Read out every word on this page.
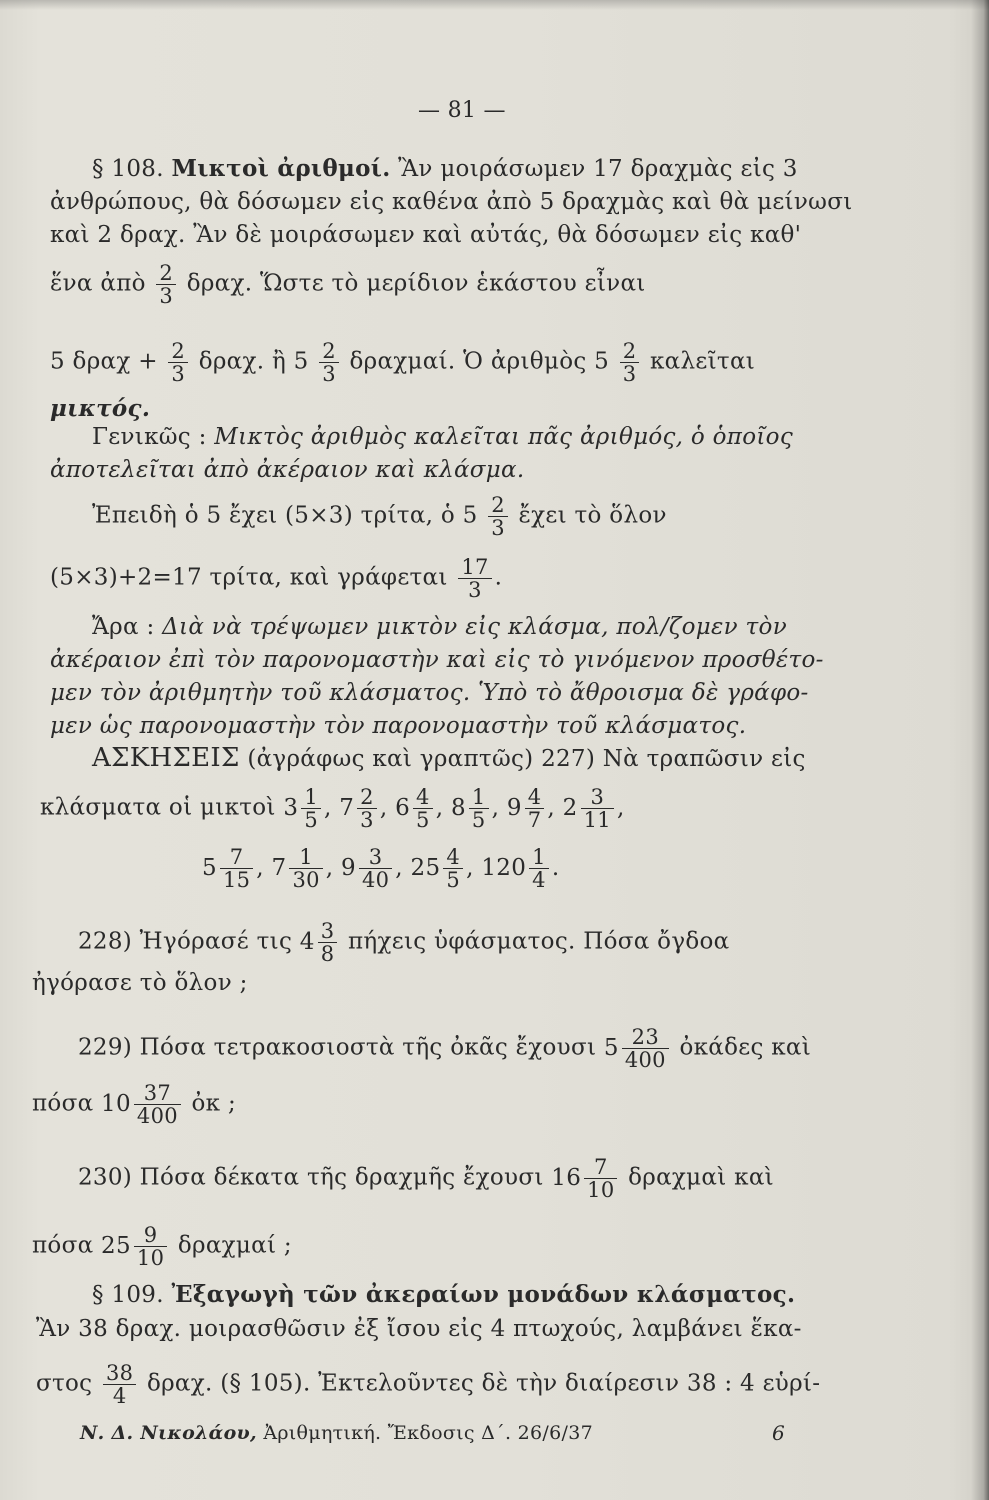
— 81 —
§ 108. Μικτοὶ ἀριθμοί. Ἂν μοιράσωμεν 17 δραχμὰς εἰς 3
ἀνθρώπους, θὰ δόσωμεν εἰς καθένα ἀπὸ 5 δραχμὰς καὶ θὰ μείνωσι
καὶ 2 δραχ. Ἂν δὲ μοιράσωμεν καὶ αὐτάς, θὰ δόσωμεν εἰς καθ'
ἕνα ἀπὸ $\frac{2}{3} \delta\rho\alpha\chi$. Ὥστε τὸ μερίδιον ἑκάστου εἶναι
5 $\delta\rho\alpha\chi + \frac{2}{3} \delta\rho\alpha\chi$. ἢ $5 \frac{2}{3} \delta\rho\alpha\chi\mu\alpha ί$. Ὁ ἀριθμὸς $5 \frac{2}{3}$ καλεῖται
μικτός.
Γενικῶς : Μικτὸς ἀριθμὸς καλεῖται πᾶς ἀριθμός, ὁ ὁποῖος
ἀποτελεῖται ἀπὸ ἀκέραιον καὶ κλάσμα.
Ἐπειδὴ ὁ 5 ἔχει (5×3) τρίτα, ὁ $5 \frac{2}{3}$ ἔχει τὸ ὅλον
(5×3)+2=17 τρίτα, καὶ γράφεται $\frac{17}{3}$ .
Ἄρα : Διὰ νὰ τρέψωμεν μικτὸν εἰς κλάσμα, πολ/ζομεν τὸν
ἀκέραιον ἐπὶ τὸν παρονομαστὴν καὶ εἰς τὸ γινόμενον προσθέτο-
μεν τὸν ἀριθμητὴν τοῦ κλάσματος. Ὑπὸ τὸ ἄθροισμα δὲ γράφο-
μεν ὡς παρονομαστὴν τὸν παρονομαστὴν τοῦ κλάσματος.
ΑΣΚΗΣΕΙΣ (ἀγράφως καὶ γραπτῶς) 227) Νὰ τραπῶσιν εἰς
κλάσματα οἱ μικτοὶ $3 \frac{1}{5}$ , $7 \frac{2}{3}$ , $6 \frac{4}{5}$ , $8 \frac{1}{5}$ , $9 \frac{4}{7}$ , $2 \frac{3}{11}$ ,
$5 \frac{7}{15}$ , $7 \frac{1}{30}$ , $9 \frac{3}{40}$ , $25 \frac{4}{5}$ , $120 \frac{1}{4}$ .
228) Ἠγόρασέ τις $4 \frac{3}{8}$ πήχεις ὑφάσματος. Πόσα ὄγδοα
ἠγόρασε τὸ ὅλον ;
229) Πόσα τετρακοσιοστὰ τῆς ὀκᾶς ἔχουσι $5 \frac{23}{400}$ ὀκάδες καὶ
πόσα $10 \frac{37}{400}$ ὀκ ;
230) Πόσα δέκατα τῆς δραχμῆς ἔχουσι $16 \frac{7}{10}$ δραχμαὶ καὶ
πόσα $25 \frac{9}{10}$ δραχμαί ;
§ 109. Ἐξαγωγὴ τῶν ἀκεραίων μονάδων κλάσματος.
Ἂν 38 δραχ. μοιρασθῶσιν ἐξ ἴσου εἰς 4 πτωχούς, λαμβάνει ἕκα-
στος $\frac{38}{4} \delta\rho\alpha\chi$. (§ 105). Ἐκτελοῦντες δὲ τὴν διαίρεσιν 38 : 4 εὑρί-
Ν. Δ. Νικολάου, Ἀριθμητική. Ἔκδοσις Δ΄. 26/6/37	6
